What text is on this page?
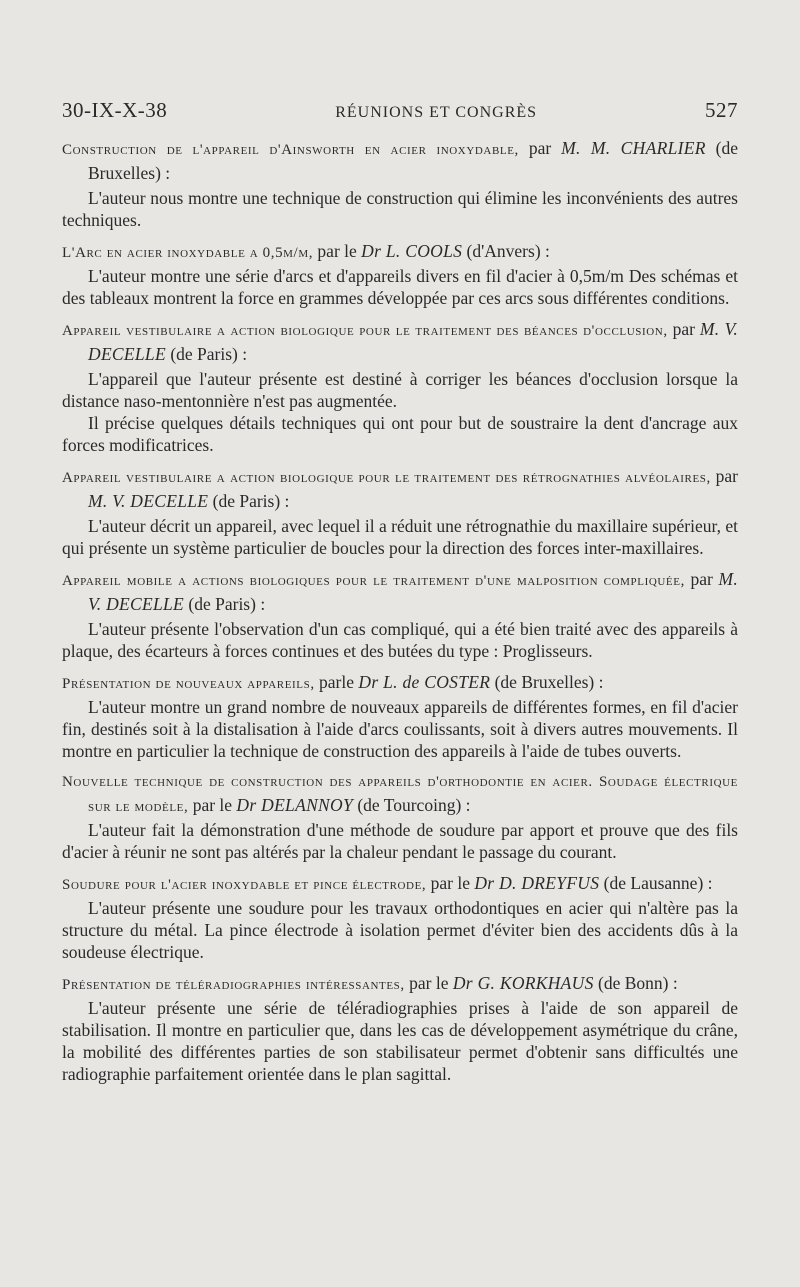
30-IX-X-38	RÉUNIONS ET CONGRÈS	527
Construction de l'appareil d'Ainsworth en acier inoxydable, par M. M. CHARLIER (de Bruxelles) :

L'auteur nous montre une technique de construction qui élimine les inconvénients des autres techniques.

L'Arc en acier inoxydable a 0,5m/m, par le Dr L. COOLS (d'Anvers) :

L'auteur montre une série d'arcs et d'appareils divers en fil d'acier à 0,5m/m Des schémas et des tableaux montrent la force en grammes développée par ces arcs sous différentes conditions.

Appareil vestibulaire a action biologique pour le traitement des béances d'occlusion, par M. V. DECELLE (de Paris) :

L'appareil que l'auteur présente est destiné à corriger les béances d'occlusion lorsque la distance naso-mentonnière n'est pas augmentée.

Il précise quelques détails techniques qui ont pour but de soustraire la dent d'ancrage aux forces modificatrices.

Appareil vestibulaire a action biologique pour le traitement des rétrognathies alvéolaires, par M. V. DECELLE (de Paris) :

L'auteur décrit un appareil, avec lequel il a réduit une rétrognathie du maxillaire supérieur, et qui présente un système particulier de boucles pour la direction des forces inter-maxillaires.

Appareil mobile a actions biologiques pour le traitement d'une malposition compliquée, par M. V. DECELLE (de Paris) :

L'auteur présente l'observation d'un cas compliqué, qui a été bien traité avec des appareils à plaque, des écarteurs à forces continues et des butées du type : Proglisseurs.

Présentation de nouveaux appareils, parle Dr L. de COSTER (de Bruxelles) :

L'auteur montre un grand nombre de nouveaux appareils de différentes formes, en fil d'acier fin, destinés soit à la distalisation à l'aide d'arcs coulissants, soit à divers autres mouvements. Il montre en particulier la technique de construction des appareils à l'aide de tubes ouverts.

Nouvelle technique de construction des appareils d'orthodontie en acier. Soudage électrique sur le modèle, par le Dr DELANNOY (de Tourcoing) :

L'auteur fait la démonstration d'une méthode de soudure par apport et prouve que des fils d'acier à réunir ne sont pas altérés par la chaleur pendant le passage du courant.

Soudure pour l'acier inoxydable et pince électrode, par le Dr D. DREYFUS (de Lausanne) :

L'auteur présente une soudure pour les travaux orthodontiques en acier qui n'altère pas la structure du métal. La pince électrode à isolation permet d'éviter bien des accidents dûs à la soudeuse électrique.

Présentation de téléradiographies intéressantes, par le Dr G. KORKHAUS (de Bonn) :

L'auteur présente une série de téléradiographies prises à l'aide de son appareil de stabilisation. Il montre en particulier que, dans les cas de développement asymétrique du crâne, la mobilité des différentes parties de son stabilisateur permet d'obtenir sans difficultés une radiographie parfaitement orientée dans le plan sagittal.
